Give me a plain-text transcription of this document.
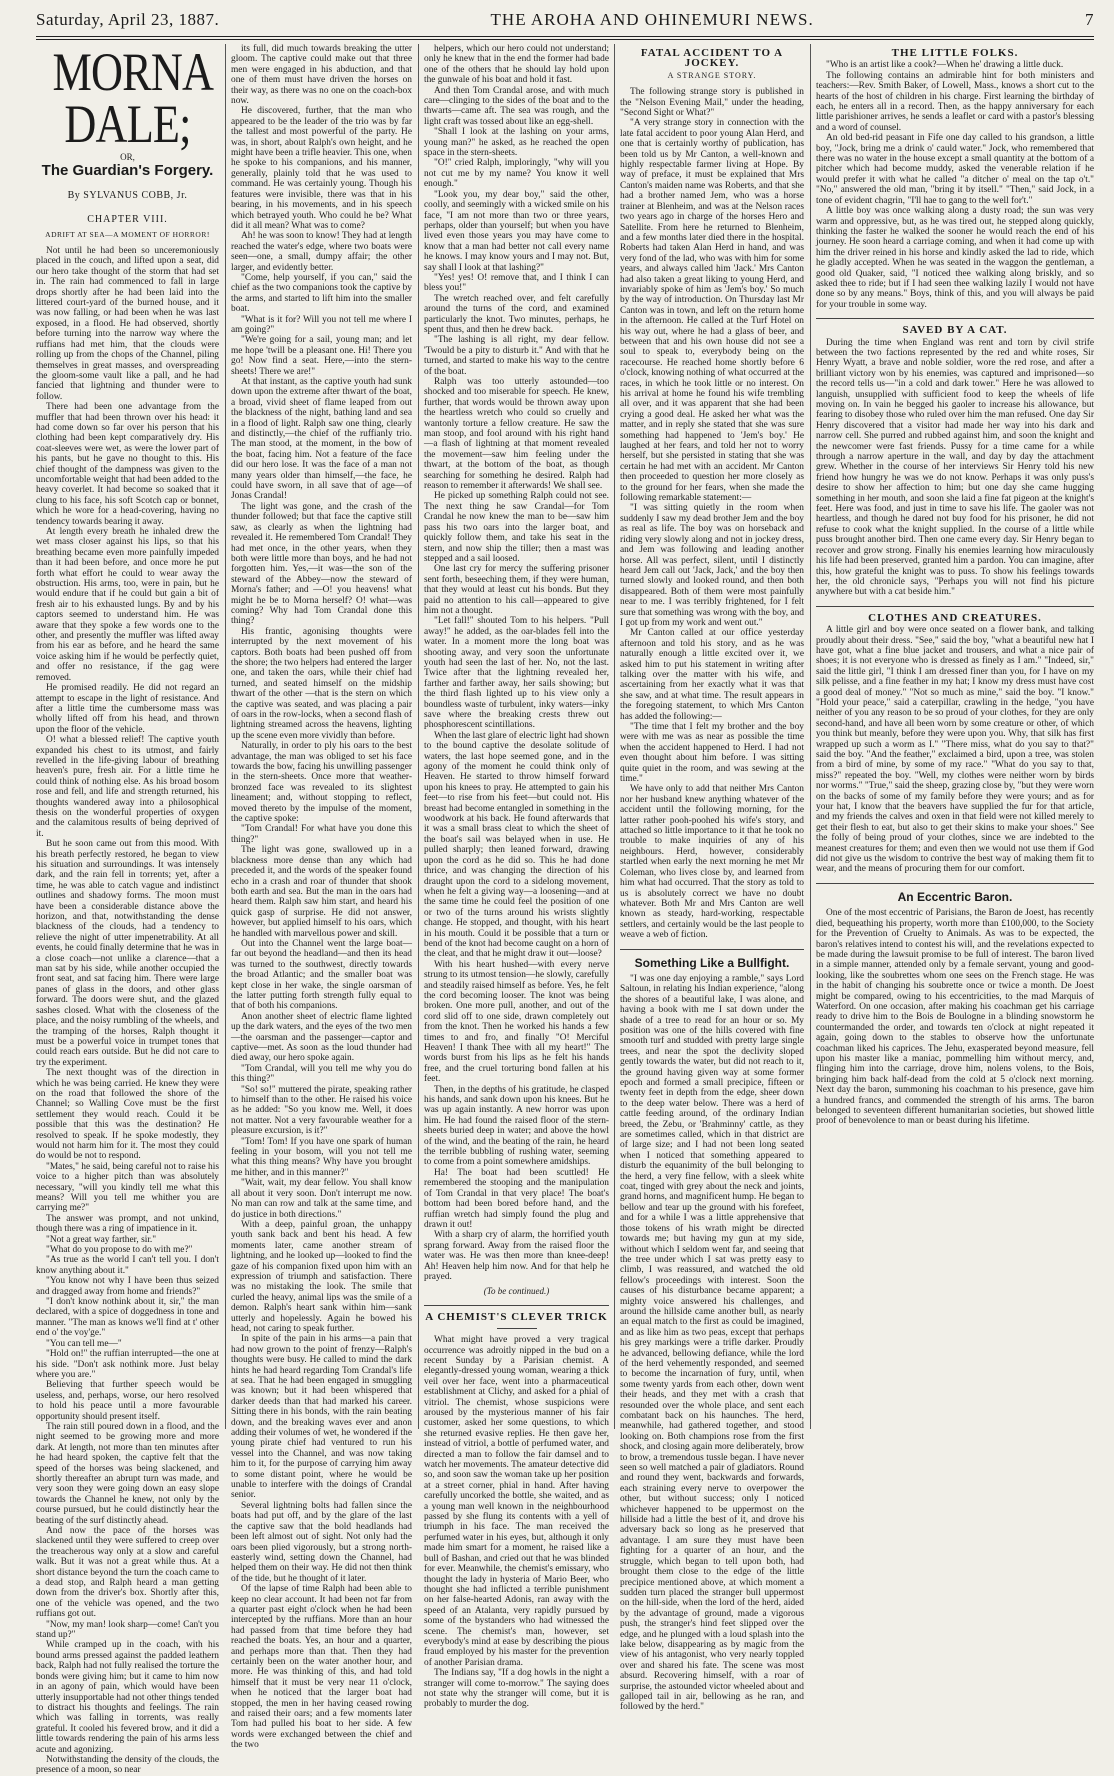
Saturday, April 23, 1887.	THE AROHA AND OHINEMURI NEWS.	7
MORNA DALE;
OR,
The Guardian's Forgery.
By SYLVANUS COBB, Jr.
CHAPTER VIII.
ADRIFT AT SEA—A MOMENT OF HORROR!

Not until he had been so unceremoniously placed in the couch, and lifted upon a seat, did our hero take thought of the storm that had set in. The rain had commenced to fall in large drops shortly after he had been laid into the littered court-yard of the burned house, and it was now falling, or had been when he was last exposed, in a flood. He had observed, shortly before turning into the narrow way where the ruffians had met him, that the clouds were rolling up from the chops of the Channel, piling themselves in great masses, and overspreading the gloom-some vault like a pall, and he had fancied that lightning and thunder were to follow.

There had been one advantage from the muffler that had been thrown over his head: it had come down so far over his person that his clothing had been kept comparatively dry. His coat-sleeves were wet, as were the lower part of his pants, but he gave no thought to this. His chief thought of the dampness was given to the uncomfortable weight that had been added to the heavy coverlet. It had become so soaked that it clung to his face, his soft Scotch cap or bonnet, which he wore for a head-covering, having no tendency towards bearing it away.

At length every breath he inhaled drew the wet mass closer against his lips, so that his breathing became even more painfully impeded than it had been before, and once more he put forth what effort he could to wear away the obstruction. His arms, too, were in pain, but he would endure that if he could but gain a bit of fresh air to his exhausted lungs. By and by his captors seemed to understand him. He was aware that they spoke a few words one to the other, and presently the muffler was lifted away from his ear as before, and he heard the same voice asking him if he would be perfectly quiet, and offer no resistance, if the gag were removed.

He promised readily. He did not regard an attempt to escape in the light of resistance. And after a little time the cumbersome mass was wholly lifted off from his head, and thrown upon the floor of the vehicle.

O! what a blessed relief! The captive youth expanded his chest to its utmost, and fairly revelled in the life-giving labour of breathing heaven's pure, fresh air. For a little time he could think of nothing else. As his broad bosom rose and fell, and life and strength returned, his thoughts wandered away into a philosophical thesis on the wonderful properties of oxygen and the calamitous results of being deprived of it.

But he soon came out from this mood. With his breath perfectly restored, he began to view his situation and surroundings. It was intensely dark, and the rain fell in torrents; yet, after a time, he was able to catch vague and indistinct outlines and shadowy forms. The moon must have been a considerable distance above the horizon, and that, notwithstanding the dense blackness of the clouds, had a tendency to relieve the night of utter impenetrability. At all events, he could finally determine that he was in a close coach—not unlike a clarence—that a man sat by his side, while another occupied the front seat, and sat facing him. There were large panes of glass in the doors, and other glass forward. The doors were shut, and the glazed sashes closed. What with the closeness of the place, and the noisy rumbling of the wheels, and the tramping of the horses, Ralph thought it must be a powerful voice in trumpet tones that could reach ears outside. But he did not care to try the experiment.

The next thought was of the direction in which he was being carried. He knew they were on the road that followed the shore of the Channel; so Walling Cove must be the first settlement they would reach. Could it be possible that this was the destination? He resolved to speak. If he spoke modestly, they would not harm him for it. The most they could do would be not to respond.

"Mates," he said, being careful not to raise his voice to a higher pitch than was absolutely necessary, "will you kindly tell me what this means? Will you tell me whither you are carrying me?"

The answer was prompt, and not unkind, though there was a ring of impatience in it.

"Not a great way farther, sir."

"What do you propose to do with me?"

"As true as the world I can't tell you. I don't know anything about it."

"You know not why I have been thus seized and dragged away from home and friends?"

"I don't know nothink about it, sir," the man declared, with a spice of doggedness in tone and manner. "The man as knows we'll find at t' other end o' the voy'ge."

"You can tell me—"

"Hold on!" the ruffian interrupted—the one at his side. "Don't ask nothink more. Just belay where you are."

Believing that further speech would be useless, and, perhaps, worse, our hero resolved to hold his peace until a more favourable opportunity should present itself.

The rain still poured down in a flood, and the night seemed to be growing more and more dark. At length, not more than ten minutes after he had heard spoken, the captive felt that the speed of the horses was being slackened, and shortly thereafter an abrupt turn was made, and very soon they were going down an easy slope towards the Channel he knew, not only by the course pursued, but he could distinctly hear the beating of the surf distinctly ahead.

And now the pace of the horses was slackened until they were suffered to creep over the treacherous way only at a slow and careful walk. But it was not a great while thus. At a short distance beyond the turn the coach came to a dead stop, and Ralph heard a man getting down from the driver's box. Shortly after this, one of the vehicle was opened, and the two ruffians got out.

"Now, my man! look sharp—come! Can't you stand up?"

While cramped up in the coach, with his bound arms pressed against the padded leathern back, Ralph had not fully realised the torture the bonds were giving him; but it came to him now in an agony of pain, which would have been utterly insupportable had not other things tended to distract his thoughts and feelings. The rain which was falling in torrents, was really grateful. It cooled his fevered brow, and it did a little towards rendering the pain of his arms less acute and agonizing.

Notwithstanding the density of the clouds, the presence of a moon, so near

its full, did much towards breaking the utter gloom. The captive could make out that three men were engaged in his abduction, and that one of them must have driven the horses on their way, as there was no one on the coach-box now.

He discovered, further, that the man who appeared to be the leader of the trio was by far the tallest and most powerful of the party. He was, in short, about Ralph's own height, and he might have been a trifle heavier. This one, when he spoke to his companions, and his manner, generally, plainly told that he was used to command. He was certainly young. Though his features were invisible, there was that in his bearing, in his movements, and in his speech which betrayed youth. Who could he be? What did it all mean? What was to come?

Ah! he was soon to know! They had at length reached the water's edge, where two boats were seen—one, a small, dumpy affair; the other larger, and evidently better.

"Come, help yourself, if you can," said the chief as the two companions took the captive by the arms, and started to lift him into the smaller boat.

"What is it for? Will you not tell me where I am going?"

"We're going for a sail, young man; and let me hope 'twill be a pleasant one. Hi! There you go! Now find a seat. Here,—into the stern-sheets! There we are!"

At that instant, as the captive youth had sunk down upon the extreme after thwart of the boat, a broad, vivid sheet of flame leaped from out the blackness of the night, bathing land and sea in a flood of light. Ralph saw one thing, clearly and distinctly,—the chief of the ruffianly trio. The man stood, at the moment, in the bow of the boat, facing him. Not a feature of the face did our hero lose. It was the face of a man not many years older than himself,—the face, he could have sworn, in all save that of age—of Jonas Crandal!

The light was gone, and the crash of the thunder followed; but that face the captive still saw, as clearly as when the lightning had revealed it. He remembered Tom Crandal! They had met once, in the other years, when they both were little more than boys, and he had not forgotten him. Yes,—it was—the son of the steward of the Abbey—now the steward of Morna's father; and —O! you heavens! what might he be to Morna herself? O! what—was coming? Why had Tom Crandal done this thing?

His frantic, agonising thoughts were interrupted by the next movement of his captors. Both boats had been pushed off from the shore; the two helpers had entered the larger one, and taken the oars, while their chief had turned, and seated himself on the midship thwart of the other —that is the stern on which the captive was seated, and was placing a pair of oars in the row-locks, when a second flash of lightning streamed across the heavens, lighting up the scene even more vividly than before.

Naturally, in order to ply his oars to the best advantage, the man was obliged to set his face towards the bow, facing his unwilling passenger in the stern-sheets. Once more that weather-bronzed face was revealed to its slightest lineament; and, without stopping to reflect, moved thereto by the impulse of the moment, the captive spoke:

"Tom Crandal! For what have you done this thing?"

The light was gone, swallowed up in a blackness more dense than any which had preceded it, and the words of the speaker found echo in a crash and roar of thunder that shook both earth and sea. But the man in the oars had heard them. Ralph saw him start, and heard his quick gasp of surprise. He did not answer, however, but applied himself to his oars, which he handled with marvellous power and skill.

Out into the Channel went the large boat—far out beyond the headland—and then its head was turned to the southwest, directly towards the broad Atlantic; and the smaller boat was kept close in her wake, the single oarsman of the latter putting forth strength fully equal to that of both his companions.

Anon another sheet of electric flame lighted up the dark waters, and the eyes of the two men—the oarsman and the passenger—captor and captive—met. As soon as the loud thunder had died away, our hero spoke again.

"Tom Crandal, will you tell me why you do this thing?"

"So! so!" muttered the pirate, speaking rather to himself than to the other. He raised his voice as he added: "So you know me. Well, it does not matter. Not a very favourable weather for a pleasure excursion, is it?"

"Tom! Tom! If you have one spark of human feeling in your bosom, will you not tell me what this thing means? Why have you brought me hither, and in this manner?"

"Wait, wait, my dear fellow. You shall know all about it very soon. Don't interrupt me now. No man can row and talk at the same time, and do justice in both directions."

With a deep, painful groan, the unhappy youth sank back and bent his head. A few moments later, came another stream of lightning, and he looked up—looked to find the gaze of his companion fixed upon him with an expression of triumph and satisfaction. There was no mistaking the look. The smile that curled the heavy, animal lips was the smile of a demon. Ralph's heart sank within him—sank utterly and hopelessly. Again he bowed his head, not caring to speak further.

In spite of the pain in his arms—a pain that had now grown to the point of frenzy—Ralph's thoughts were busy. He called to mind the dark hints he had heard regarding Tom Crandal's life at sea. That he had been engaged in smuggling was known; but it had been whispered that darker deeds than that had marked his career. Sitting there in his bonds, with the rain beating down, and the breaking waves ever and anon adding their volumes of wet, he wondered if the young pirate chief had ventured to run his vessel into the Channel, and was now taking him to it, for the purpose of carrying him away to some distant point, where he would be unable to interfere with the doings of Crandal senior.

Several lightning bolts had fallen since the boats had put off, and by the glare of the last the captive saw that the bold headlands had been left almost out of sight. Not only had the oars been plied vigorously, but a strong north-easterly wind, setting down the Channel, had helped them on their way. He did not then think of the tide, but he thought of it later.

Of the lapse of time Ralph had been able to keep no clear account. It had been not far from a quarter past eight o'clock when he had been intercepted by the ruffians. More than an hour had passed from that time before they had reached the boats. Yes, an hour and a quarter, and perhaps more than that. Then they had certainly been on the water another hour, and more. He was thinking of this, and had told himself that it must be very near 11 o'clock, when he noticed that the larger boat had stopped, the men in her having ceased rowing and raised their oars; and a few moments later Tom had pulled his boat to her side. A few words were exchanged between the chief and the two

helpers, which our hero could not understand; only he knew that in the end the former had bade one of the others that he should lay hold upon the gunwale of his boat and hold it fast.

And then Tom Crandal arose, and with much care—clinging to the sides of the boat and to the thwarts—came aft. The sea was rough, and the light craft was tossed about like an egg-shell.

"Shall I look at the lashing on your arms, young man?" he asked, as he reached the open space in the stern-sheets.

"O!" cried Ralph, imploringly, "why will you not cut me by my name? You know it well enough."

"Look you, my dear boy," said the other, coolly, and seemingly with a wicked smile on his face, "I am not more than two or three years, perhaps, older than yourself; but when you have lived even those years you may have come to know that a man had better not call every name he knows. I may know yours and I may not. But, say shall I look at that lashing?"

"Yes! yes! O! remove that, and I think I can bless you!"

The wretch reached over, and felt carefully around the turns of the cord, and examined particularly the knot. Two minutes, perhaps, he spent thus, and then he drew back.

"The lashing is all right, my dear fellow. 'Twould be a pity to disturb it." And with that he turned, and started to make his way to the centre of the boat.

Ralph was too utterly astounded—too shocked and too miserable for speech. He knew, further, that words would be thrown away upon the heartless wretch who could so cruelly and wantonly torture a fellow creature. He saw the man stoop, and fool around with his right hand—a flash of lightning at that moment revealed the movement—saw him feeling under the thwart, at the bottom of the boat, as though searching for something he desired. Ralph had reason to remember it afterwards! We shall see.

He picked up something Ralph could not see. The next thing he saw Crandal—for Tom Crandal he now knew the man to be—saw him pass his two oars into the larger boat, and quickly follow them, and take his seat in the stern, and now ship the tiller; then a mast was stepped and a sail loosed.

One last cry for mercy the suffering prisoner sent forth, beseeching them, if they were human, that they would at least cut his bonds. But they paid no attention to his call—appeared to give him not a thought.

"Let fall!" shouted Tom to his helpers. "Pull away!" he added, as the oar-blades fell into the water. In a moment more the long boat was shooting away, and very soon the unfortunate youth had seen the last of her. No, not the last. Twice after that the lightning revealed her, farther and farther away, her sails showing; but the third flash lighted up to his view only a boundless waste of turbulent, inky waters—inky save where the breaking crests threw out phosphorescent scintillations.

When the last glare of electric light had shown to the bound captive the desolate solitude of waters, the last hope seemed gone, and in the agony of the moment he could think only of Heaven. He started to throw himself forward upon his knees to pray. He attempted to gain his feet—to rise from his feet—but could not. His breast had become entangled in something in the woodwork at his back. He found afterwards that it was a small brass cleat to which the sheet of the boat's sail was belayed when in use. He pulled sharply; then leaned forward, drawing upon the cord as he did so. This he had done thrice, and was changing the direction of his draught upon the cord to a sidelong movement, when he felt a giving way—a loosening—and at the same time he could feel the position of one or two of the turns around his wrists slightly change. He stopped, and thought, with his heart in his mouth. Could it be possible that a turn or bend of the knot had become caught on a horn of the cleat, and that he might draw it out—loose?

With his heart hushed—with every nerve strung to its utmost tension—he slowly, carefully and steadily raised himself as before. Yes, he felt the cord becoming looser. The knot was being broken. One more pull, another, and out of the cord slid off to one side, drawn completely out from the knot. Then he worked his hands a few times to and fro, and finally "O! Merciful Heaven! I thank Thee with all my heart!" The words burst from his lips as he felt his hands free, and the cruel torturing bond fallen at his feet.

Then, in the depths of his gratitude, he clasped his hands, and sank down upon his knees. But he was up again instantly. A new horror was upon him. He had found the raised floor of the stern-sheets buried deep in water; and above the howl of the wind, and the beating of the rain, he heard the terrible bubbling of rushing water, seeming to come from a point somewhere amidships.

Ha! The boat had been scuttled! He remembered the stooping and the manipulation of Tom Crandal in that very place! The boat's bottom had been bored before hand, and the ruffian wretch had simply found the plug and drawn it out!

With a sharp cry of alarm, the horrified youth sprang forward. Away from the raised floor the water was. He was then more than knee-deep! Ah! Heaven help him now. And for that help he prayed.

(To be continued.)
A CHEMIST'S CLEVER TRICK

What might have proved a very tragical occurrence was adroitly nipped in the bud on a recent Sunday by a Parisian chemist. A elegantly-dressed young woman, wearing a thick veil over her face, went into a pharmaceutical establishment at Clichy, and asked for a phial of vitriol. The chemist, whose suspicions were aroused by the mysterious manner of his fair customer, asked her some questions, to which she returned evasive replies. He then gave her, instead of vitriol, a bottle of perfumed water, and directed a man to follow the fair damsel and to watch her movements. The amateur detective did so, and soon saw the woman take up her position at a street corner, phial in hand. After having carefully uncorked the bottle, she waited, and as a young man well known in the neighbourhood passed by she flung its contents with a yell of triumph in his face. The man received the perfumed water in his eyes, but, although it only made him smart for a moment, he raised like a bull of Bashan, and cried out that he was blinded for ever. Meanwhile, the chemist's emissary, who thought the lady in hysteria of Mario Beer, who thought she had inflicted a terrible punishment on her false-hearted Adonis, ran away with the speed of an Atalanta, very rapidly pursued by some of the bystanders who had witnessed the scene. The chemist's man, however, set everybody's mind at ease by describing the pious fraud employed by his master for the prevention of another Parisian drama.

The Indians say, "If a dog howls in the night a stranger will come to-morrow." The saying does not state why the stranger will come, but it is probably to murder the dog.

FATAL ACCIDENT TO A JOCKEY.
A STRANGE STORY.

The following strange story is published in the "Nelson Evening Mail," under the heading, "Second Sight or What?"

"A very strange story in connection with the late fatal accident to poor young Alan Herd, and one that is certainly worthy of publication, has been told us by Mr Canton, a well-known and highly respectable farmer living at Hope. By way of preface, it must be explained that Mrs Canton's maiden name was Roberts, and that she had a brother named Jem, who was a horse trainer at Blenheim, and was at the Nelson races two years ago in charge of the horses Hero and Satellite. From here he returned to Blenheim, and a few months later died there in the hospital. Roberts had taken Alan Herd in hand, and was very fond of the lad, who was with him for some years, and always called him 'Jack.' Mrs Canton had also taken a great liking to young Herd, and invariably spoke of him as 'Jem's boy.' So much by the way of introduction. On Thursday last Mr Canton was in town, and left on the return home in the afternoon. He called at the Turf Hotel on his way out, where he had a glass of beer, and between that and his own house did not see a soul to speak to, everybody being on the racecourse. He reached home shortly before 6 o'clock, knowing nothing of what occurred at the races, in which he took little or no interest. On his arrival at home he found his wife trembling all over, and it was apparent that she had been crying a good deal. He asked her what was the matter, and in reply she stated that she was sure something had happened to 'Jem's boy.' He laughed at her fears, and told her not to worry herself, but she persisted in stating that she was certain he had met with an accident. Mr Canton then proceeded to question her more closely as to the ground for her fears, when she made the following remarkable statement:—

"I was sitting quietly in the room when suddenly I saw my dead brother Jem and the boy as real as life. The boy was on horseback and riding very slowly along and not in jockey dress, and Jem was following and leading another horse. All was perfect, silent, until I distinctly heard Jem call out 'Jack, Jack,' and the boy then turned slowly and looked round, and then both disappeared. Both of them were most painfully near to me. I was terribly frightened, for I felt sure that something was wrong with the boy, and I got up from my work and went out."

Mr Canton called at our office yesterday afternoon and told his story, and as he was naturally enough a little excited over it, we asked him to put his statement in writing after talking over the matter with his wife, and ascertaining from her exactly what it was that she saw, and at what time. The result appears in the foregoing statement, to which Mrs Canton has added the following:—

"The time that I felt my brother and the boy were with me was as near as possible the time when the accident happened to Herd. I had not even thought about him before. I was sitting quite quiet in the room, and was sewing at the time."

We have only to add that neither Mrs Canton nor her husband knew anything whatever of the accident until the following morning, for the latter rather pooh-poohed his wife's story, and attached so little importance to it that he took no trouble to make inquiries of any of his neighbours. Herd, however, considerably startled when early the next morning he met Mr Coleman, who lives close by, and learned from him what had occurred. That the story as told to us is absolutely correct we have no doubt whatever. Both Mr and Mrs Canton are well known as steady, hard-working, respectable settlers, and certainly would be the last people to weave a web of fiction.

Something Like a Bullfight.

"I was one day enjoying a ramble," says Lord Saltoun, in relating his Indian experience, "along the shores of a beautiful lake, I was alone, and having a book with me I sat down under the shade of a tree to read for an hour or so. My position was one of the hills covered with fine smooth turf and studded with pretty large single trees, and near the spot the declivity sloped gently towards the water, but did not reach to it, the ground having given way at some former epoch and formed a small precipice, fifteen or twenty feet in depth from the edge, sheer down to the deep water below. There was a herd of cattle feeding around, of the ordinary Indian breed, the Zebu, or 'Brahminny' cattle, as they are sometimes called, which in that district are of large size; and I had not been long seated when I noticed that something appeared to disturb the equanimity of the bull belonging to the herd, a very fine fellow, with a sleek white coat, tinged with grey about the neck and joints, grand horns, and magnificent hump. He began to bellow and tear up the ground with his forefeet, and for a while I was a little apprehensive that those tokens of his wrath might be directed towards me; but having my gun at my side, without which I seldom went far, and seeing that the tree under which I sat was pretty easy to climb, I was reassured, and watched the old fellow's proceedings with interest. Soon the causes of his disturbance became apparent; a mighty voice answered his challenges, and around the hillside came another bull, as nearly an equal match to the first as could be imagined, and as like him as two peas, except that perhaps his grey markings were a trifle darker. Proudly he advanced, bellowing defiance, while the lord of the herd vehemently responded, and seemed to become the incarnation of fury, until, when some twenty yards from each other, down went their heads, and they met with a crash that resounded over the whole place, and sent each combatant back on his haunches. The herd, meanwhile, had gathered together, and stood looking on. Both champions rose from the first shock, and closing again more deliberately, brow to brow, a tremendous tussle began. I have never seen so well matched a pair of gladiators. Round and round they went, backwards and forwards, each straining every nerve to overpower the other, but without success; only I noticed whichever happened to be uppermost on the hillside had a little the best of it, and drove his adversary back so long as he preserved that advantage. I am sure they must have been fighting for a quarter of an hour, and the struggle, which began to tell upon both, had brought them close to the edge of the little precipice mentioned above, at which moment a sudden turn placed the stranger bull uppermost on the hill-side, when the lord of the herd, aided by the advantage of ground, made a vigorous push, the stranger's hind feet slipped over the edge, and he plunged with a loud splash into the lake below, disappearing as by magic from the view of his antagonist, who very nearly toppled over and shared his fate. The scene was most absurd. Recovering himself, with a roar of surprise, the astounded victor wheeled about and galloped tail in air, bellowing as he ran, and followed by the herd."

THE LITTLE FOLKS.

"Who is an artist like a cook?—When he' drawing a little duck.

The following contains an admirable hint for both ministers and teachers:—Rev. Smith Baker, of Lowell, Mass., knows a short cut to the hearts of the host of children in his charge. First learning the birthday of each, he enters all in a record. Then, as the happy anniversary for each little parishioner arrives, he sends a leaflet or card with a pastor's blessing and a word of counsel.

An old bed-rid peasant in Fife one day called to his grandson, a little boy, "Jock, bring me a drink o' cauld water." Jock, who remembered that there was no water in the house except a small quantity at the bottom of a pitcher which had become muddy, asked the venerable relation if he would prefer it with what he called "a ditcher o' meal on the tap o't." "No," answered the old man, "bring it by itsell." "Then," said Jock, in a tone of evident chagrin, "I'll hae to gang to the well for't."

A little boy was once walking along a dusty road; the sun was very warm and oppressive, but, as he was tired out, he stepped along quickly, thinking the faster he walked the sooner he would reach the end of his journey. He soon heard a carriage coming, and when it had come up with him the driver reined in his horse and kindly asked the lad to ride, which he gladly accepted. When he was seated in the waggon the gentleman, a good old Quaker, said, "I noticed thee walking along briskly, and so asked thee to ride; but if I had seen thee walking lazily I would not have done so by any means." Boys, think of this, and you will always be paid for your trouble in some way.

SAVED BY A CAT.

During the time when England was rent and torn by civil strife between the two factions represented by the red and white roses, Sir Henry Wyatt, a brave and noble soldier, wore the red rose, and after a brilliant victory won by his enemies, was captured and imprisoned—so the record tells us—"in a cold and dark tower." Here he was allowed to languish, unsupplied with sufficient food to keep the wheels of life moving on. In vain he begged his gaoler to increase his allowance, but fearing to disobey those who ruled over him the man refused. One day Sir Henry discovered that a visitor had made her way into his dark and narrow cell. She purred and rubbed against him, and soon the knight and the newcomer were fast friends. Pussy for a time came for a while through a narrow aperture in the wall, and day by day the attachment grew. Whether in the course of her interviews Sir Henry told his new friend how hungry he was we do not know. Perhaps it was only puss's desire to show her affection to him; but one day she came hugging something in her mouth, and soon she laid a fine fat pigeon at the knight's feet. Here was food, and just in time to save his life. The gaoler was not heartless, and though he dared not buy food for his prisoner, he did not refuse to cook what the knight supplied. In the course of a little while puss brought another bird. Then one came every day. Sir Henry began to recover and grow strong. Finally his enemies learning how miraculously his life had been preserved, granted him a pardon. You can imagine, after this, how grateful the knight was to puss. To show his feelings towards her, the old chronicle says, "Perhaps you will not find his picture anywhere but with a cat beside him."

CLOTHES AND CREATURES.

A little girl and boy were once seated on a flower bank, and talking proudly about their dress. "See," said the boy, "what a beautiful new hat I have got, what a fine blue jacket and trousers, and what a nice pair of shoes; it is not everyone who is dressed as finely as I am." "Indeed, sir," said the little girl, "I think I am dressed finer than you, for I have on my silk pelisse, and a fine feather in my hat; I know my dress must have cost a good deal of money." "Not so much as mine," said the boy. "I know." "Hold your peace," said a caterpillar, crawling in the hedge, "you have neither of you any reason to be so proud of your clothes, for they are only second-hand, and have all been worn by some creature or other, of which you think but meanly, before they were upon you. Why, that silk has first wrapped up such a worm as I." "There miss, what do you say to that?" said the boy. "And the feather," exclaimed a bird, upon a tree, was stolen from a bird of mine, by some of my race." "What do you say to that, miss?" repeated the boy. "Well, my clothes were neither worn by birds nor worms." "True," said the sheep, grazing close by, "but they were worn on the backs of some of my family before they were yours; and as for your hat, I know that the beavers have supplied the fur for that article, and my friends the calves and oxen in that field were not killed merely to get their flesh to eat, but also to get their skins to make your shoes." See the folly of being proud of your clothes, since we are indebted to the meanest creatures for them; and even then we would not use them if God did not give us the wisdom to contrive the best way of making them fit to wear, and the means of procuring them for our comfort.

An Eccentric Baron.

One of the most eccentric of Parisians, the Baron de Joest, has recently died, bequeathing his property, worth more than £100,000, to the Society for the Prevention of Cruelty to Animals. As was to be expected, the baron's relatives intend to contest his will, and the revelations expected to be made during the lawsuit promise to be full of interest. The baron lived in a simple manner, attended only by a female servant, young and good-looking, like the soubrettes whom one sees on the French stage. He was in the habit of changing his soubrette once or twice a month. De Joest might be compared, owing to his eccentricities, to the mad Marquis of Waterford. On one occasion, after making his coachman get his carriage ready to drive him to the Bois de Boulogne in a blinding snowstorm he countermanded the order, and towards ten o'clock at night repeated it again, going down to the stables to observe how the unfortunate coachman liked his caprices. The Jehu, exasperated beyond measure, fell upon his master like a maniac, pommelling him without mercy, and, flinging him into the carriage, drove him, nolens volens, to the Bois, bringing him back half-dead from the cold at 5 o'clock next morning. Next day the baron, summoning his coachman to his presence, gave him a hundred francs, and commended the strength of his arms. The baron belonged to seventeen different humanitarian societies, but showed little proof of benevolence to man or beast during his lifetime.
